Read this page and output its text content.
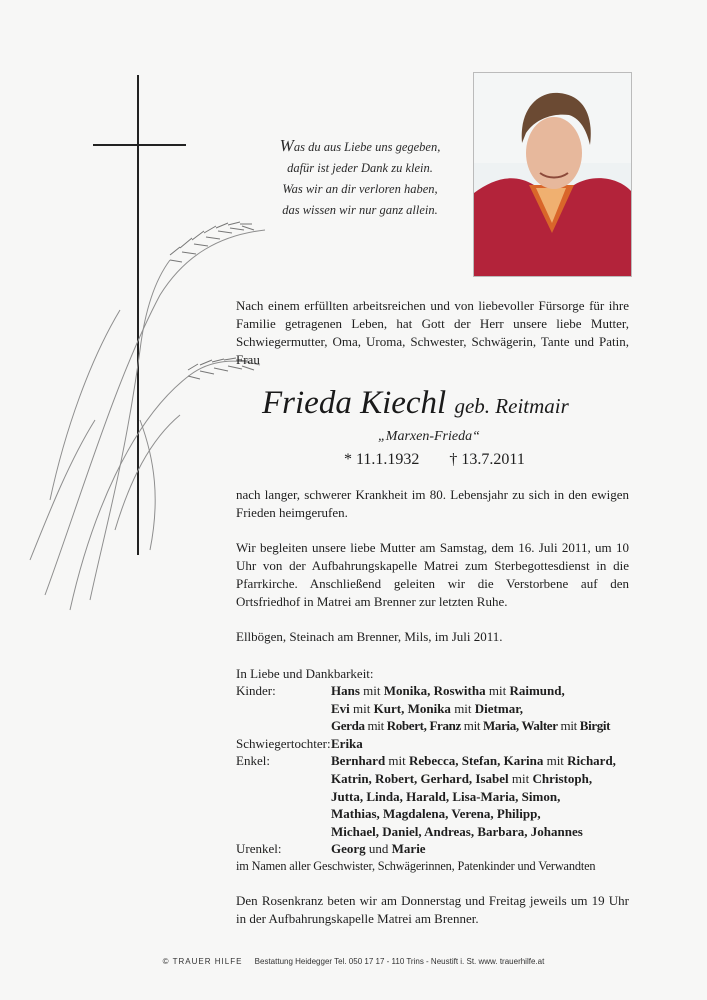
Was du aus Liebe uns gegeben,
dafür ist jeder Dank zu klein.
Was wir an dir verloren haben,
das wissen wir nur ganz allein.
Nach einem erfüllten arbeitsreichen und von liebevoller Fürsorge für ihre Familie getragenen Leben, hat Gott der Herr unsere liebe Mutter, Schwiegermutter, Oma, Uroma, Schwester, Schwägerin, Tante und Patin, Frau
Frieda Kiechl geb. Reitmair
„Marxen-Frieda“
* 11.1.1932 † 13.7.2011
nach langer, schwerer Krankheit im 80. Lebensjahr zu sich in den ewigen Frieden heimgerufen.
Wir begleiten unsere liebe Mutter am Samstag, dem 16. Juli 2011, um 10 Uhr von der Aufbahrungskapelle Matrei zum Sterbegottesdienst in die Pfarrkirche. Anschließend geleiten wir die Verstorbene auf den Ortsfriedhof in Matrei am Brenner zur letzten Ruhe.
Ellbögen, Steinach am Brenner, Mils, im Juli 2011.
In Liebe und Dankbarkeit:
Kinder:	Hans mit Monika, Roswitha mit Raimund,
Evi mit Kurt, Monika mit Dietmar,
Gerda mit Robert, Franz mit Maria, Walter mit Birgit
Schwiegertochter: Erika
Enkel:	Bernhard mit Rebecca, Stefan, Karina mit Richard,
Katrin, Robert, Gerhard, Isabel mit Christoph,
Jutta, Linda, Harald, Lisa-Maria, Simon,
Mathias, Magdalena, Verena, Philipp,
Michael, Daniel, Andreas, Barbara, Johannes
Urenkel:	Georg und Marie
im Namen aller Geschwister, Schwägerinnen, Patenkinder und Verwandten
Den Rosenkranz beten wir am Donnerstag und Freitag jeweils um 19 Uhr in der Aufbahrungskapelle Matrei am Brenner.
© TRAUER HILFE Bestattung Heidegger Tel. 050 17 17 - 110 Trins - Neustift i. St. www. trauerhilfe.at
